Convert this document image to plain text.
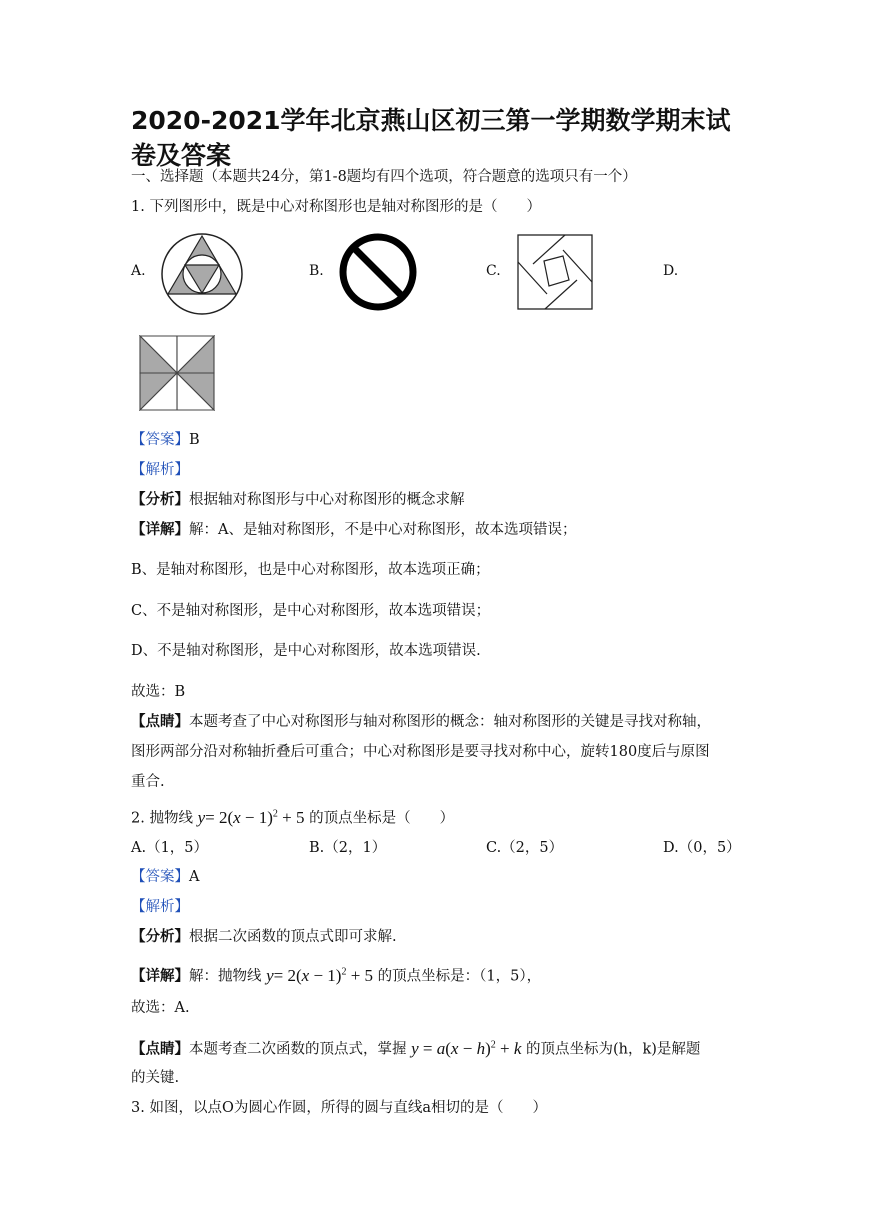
2020-2021学年北京燕山区初三第一学期数学期末试卷及答案
一、选择题（本题共24分，第1-8题均有四个选项，符合题意的选项只有一个）
1. 下列图形中，既是中心对称图形也是轴对称图形的是（　　）
A.	B.	C.	D.
【答案】B
【解析】
【分析】根据轴对称图形与中心对称图形的概念求解
【详解】解：A、是轴对称图形，不是中心对称图形，故本选项错误；
B、是轴对称图形，也是中心对称图形，故本选项正确；
C、不是轴对称图形，是中心对称图形，故本选项错误；
D、不是轴对称图形，是中心对称图形，故本选项错误.
故选：B
【点睛】本题考查了中心对称图形与轴对称图形的概念：轴对称图形的关键是寻找对称轴，
图形两部分沿对称轴折叠后可重合；中心对称图形是要寻找对称中心，旋转180度后与原图
重合.
2. 抛物线 $y= 2(x - 1)^2 + 5$ 的顶点坐标是（　　）
A.（1，5）	B.（2，1）	C.（2，5）	D.（0，5）
【答案】A
【解析】
【分析】根据二次函数的顶点式即可求解.
【详解】解：抛物线 $y= 2(x - 1)^2 + 5$ 的顶点坐标是：（1，5），
故选：A.
【点睛】本题考查二次函数的顶点式，掌握 $y = a(x - h)^2 + k$ 的顶点坐标为(h，k)是解题
的关键.
3. 如图，以点O为圆心作圆，所得的圆与直线a相切的是（　　）
